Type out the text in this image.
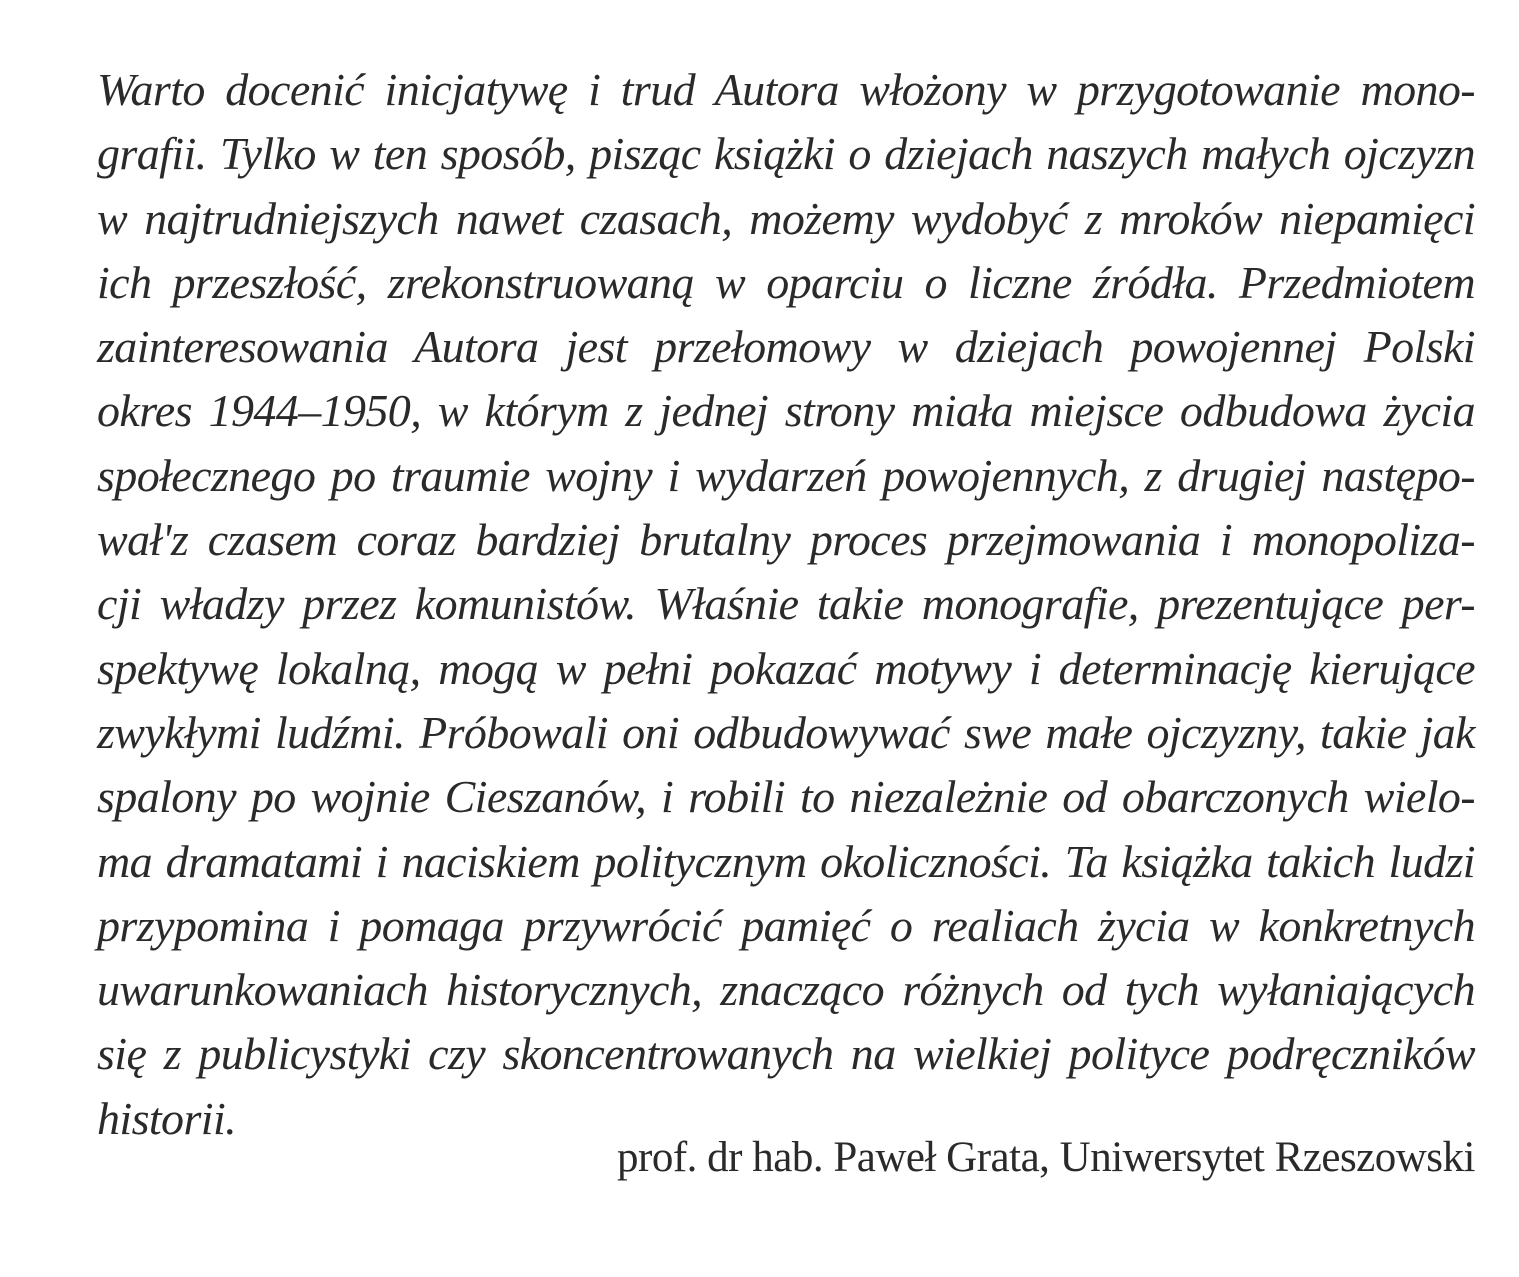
Warto docenić inicjatywę i trud Autora włożony w przygotowanie mono-
grafii. Tylko w ten sposób, pisząc książki o dziejach naszych małych ojczyzn
w najtrudniejszych nawet czasach, możemy wydobyć z mroków niepamięci
ich przeszłość, zrekonstruowaną w oparciu o liczne źródła. Przedmiotem
zainteresowania Autora jest przełomowy w dziejach powojennej Polski
okres 1944–1950, w którym z jednej strony miała miejsce odbudowa życia
społecznego po traumie wojny i wydarzeń powojennych, z drugiej następo-
wał'z czasem coraz bardziej brutalny proces przejmowania i monopoliza-
cji władzy przez komunistów. Właśnie takie monografie, prezentujące per-
spektywę lokalną, mogą w pełni pokazać motywy i determinację kierujące
zwykłymi ludźmi. Próbowali oni odbudowywać swe małe ojczyzny, takie jak
spalony po wojnie Cieszanów, i robili to niezależnie od obarczonych wielo-
ma dramatami i naciskiem politycznym okoliczności. Ta książka takich ludzi
przypomina i pomaga przywrócić pamięć o realiach życia w konkretnych
uwarunkowaniach historycznych, znacząco różnych od tych wyłaniających
się z publicystyki czy skoncentrowanych na wielkiej polityce podręczników
historii.
prof. dr hab. Paweł Grata, Uniwersytet Rzeszowski
